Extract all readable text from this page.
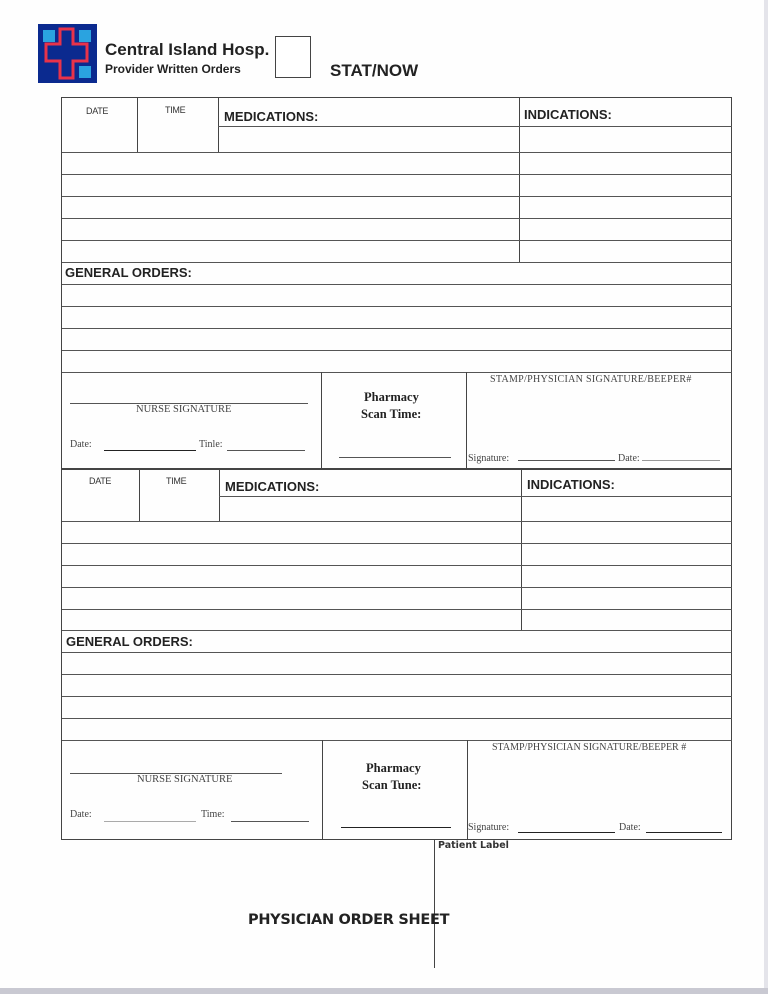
Central Island Hosp.
Provider Written Orders	STAT/NOW
DATE	TIME	MEDICATIONS:	INDICATIONS:
GENERAL ORDERS:
NURSE SIGNATURE
Date:	Tinle:
Pharmacy
Scan Time:
STAMP/PHYSICIAN SIGNATURE/BEEPER#
Signature:	Date:
DATE	TIME	MEDICATIONS:	INDICATIONS:
GENERAL ORDERS:
NURSE SIGNATURE
Date:	Time:
Pharmacy
Scan Tune:
STAMP/PHYSICIAN SIGNATURE/BEEPER #
Signature:	Date:
Patient Label
PHYSICIAN ORDER SHEET
